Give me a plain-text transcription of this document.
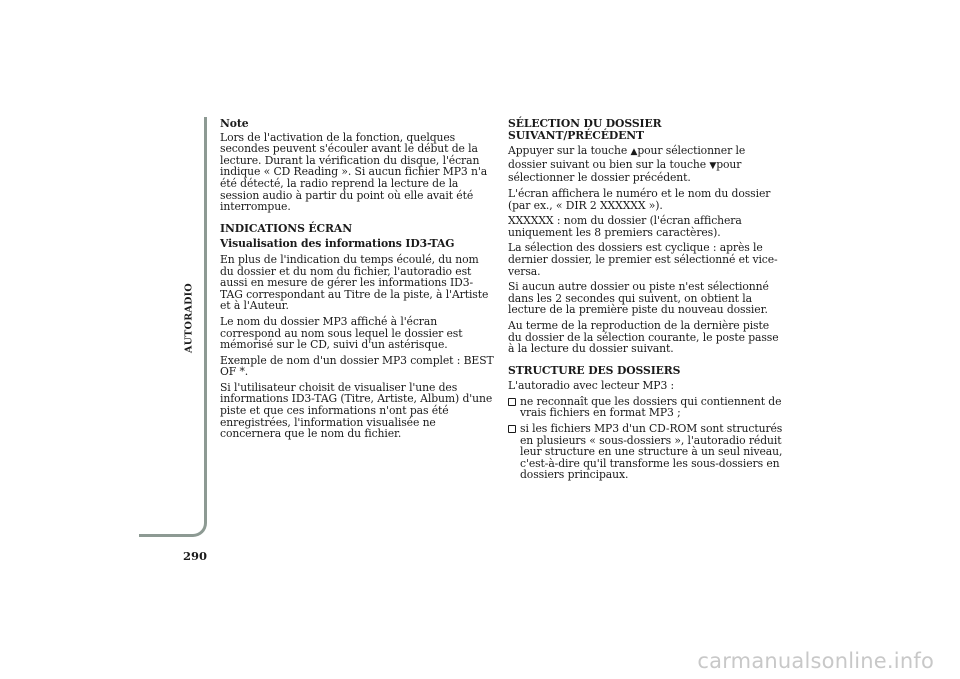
AUTORADIO
290

Note

Lors de l'activation de la fonction, quelques secondes peuvent s'écouler avant le début de la lecture. Durant la vérification du disque, l'écran indique « CD Reading ». Si aucun fichier MP3 n'a été détecté, la radio reprend la lecture de la session audio à partir du point où elle avait été interrompue.

INDICATIONS ÉCRAN
Visualisation des informations ID3-TAG

En plus de l'indication du temps écoulé, du nom du dossier et du nom du fichier, l'autoradio est aussi en mesure de gérer les informations ID3-TAG correspondant au Titre de la piste, à l'Artiste et à l'Auteur.

Le nom du dossier MP3 affiché à l'écran correspond au nom sous lequel le dossier est mémorisé sur le CD, suivi d'un astérisque.

Exemple de nom d'un dossier MP3 complet : BEST OF *.

Si l'utilisateur choisit de visualiser l'une des informations ID3-TAG (Titre, Artiste, Album) d'une piste et que ces informations n'ont pas été enregistrées, l'information visualisée ne concernera que le nom du fichier.

SÉLECTION DU DOSSIER SUIVANT/PRÉCÉDENT

Appuyer sur la touche ▲pour sélectionner le dossier suivant ou bien sur la touche ▼pour sélectionner le dossier précédent.

L'écran affichera le numéro et le nom du dossier (par ex., « DIR 2 XXXXXX »).

XXXXXX : nom du dossier (l'écran affichera uniquement les 8 premiers caractères).

La sélection des dossiers est cyclique : après le dernier dossier, le premier est sélectionné et vice-versa.

Si aucun autre dossier ou piste n'est sélectionné dans les 2 secondes qui suivent, on obtient la lecture de la première piste du nouveau dossier.

Au terme de la reproduction de la dernière piste du dossier de la sélection courante, le poste passe à la lecture du dossier suivant.

STRUCTURE DES DOSSIERS

L'autoradio avec lecteur MP3 :

ne reconnaît que les dossiers qui contiennent de vrais fichiers en format MP3 ;
si les fichiers MP3 d'un CD-ROM sont structurés en plusieurs « sous-dossiers », l'autoradio réduit leur structure en une structure à un seul niveau, c'est-à-dire qu'il transforme les sous-dossiers en dossiers principaux.
carmanualsonline.info
